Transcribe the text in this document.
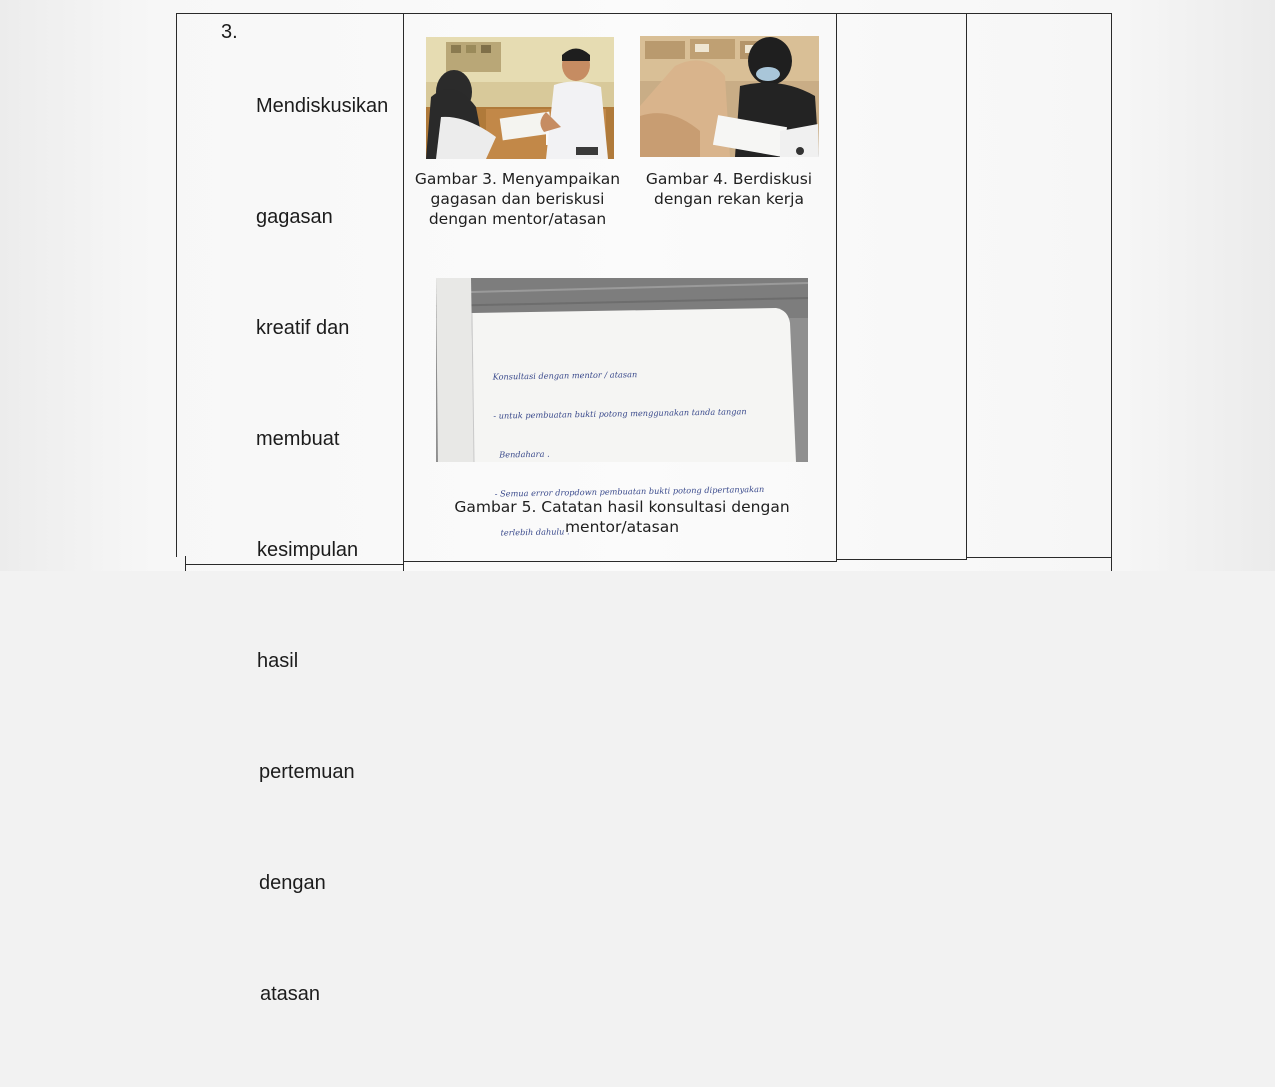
3.

Mendiskusikan

gagasan

kreatif dan

membuat

kesimpulan

hasil

pertemuan

dengan

atasan

Gambar 3. Menyampaikan
gagasan dan beriskusi
dengan mentor/atasan
Gambar 4. Berdiskusi
dengan rekan kerja

Konsultasi dengan mentor / atasan

- untuk pembuatan bukti potong menggunakan tanda tangan

Bendahara .

- Semua error dropdown pembuatan bukti potong dipertanyakan

terlebih dahulu .

Gambar 5. Catatan hasil konsultasi dengan
mentor/atasan
